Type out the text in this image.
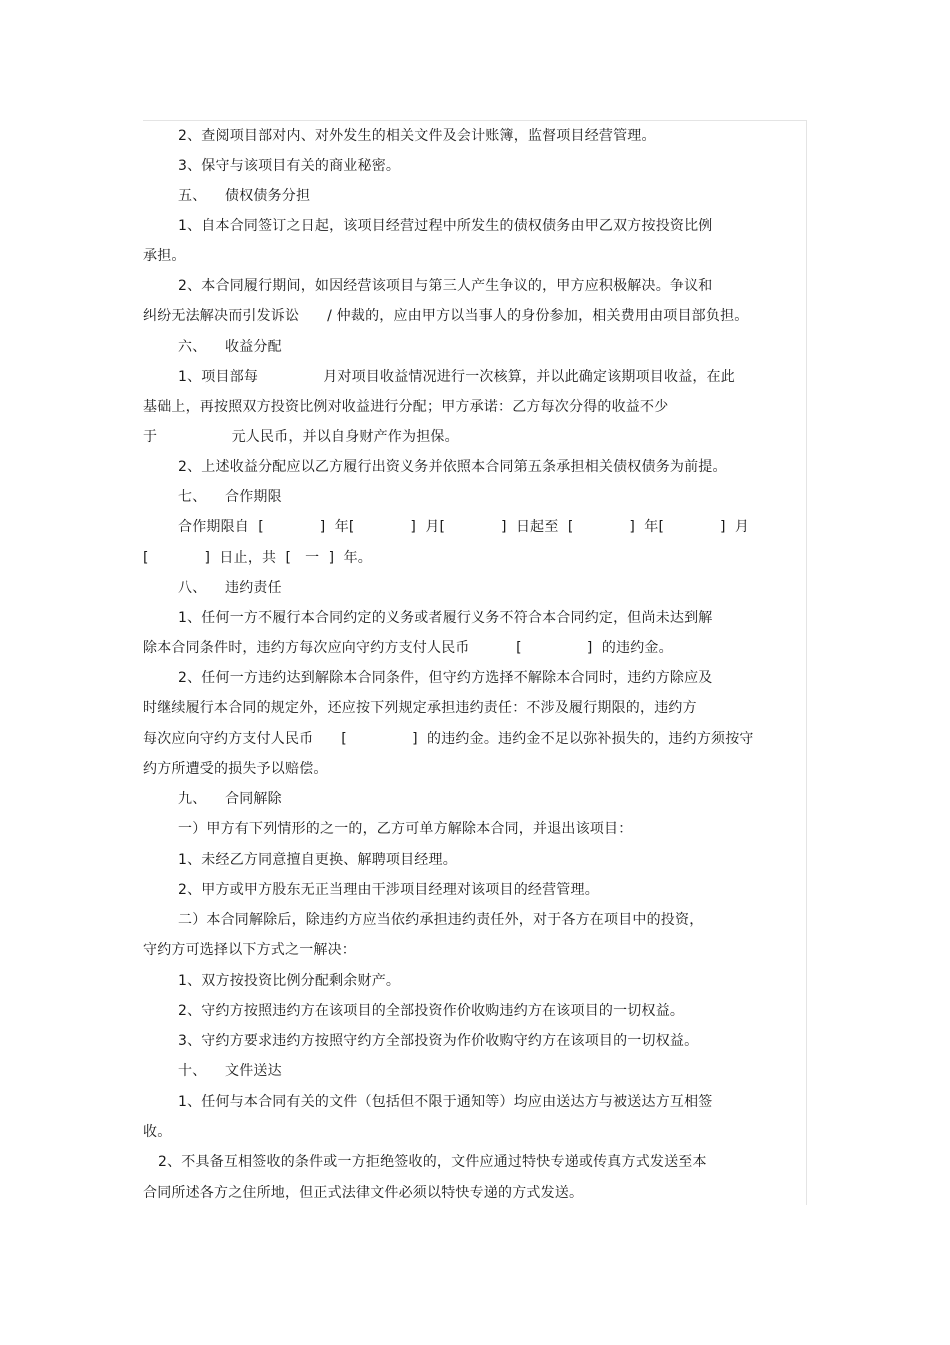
2、查阅项目部对内、对外发生的相关文件及会计账簿，监督项目经营管理。
3、保守与该项目有关的商业秘密。
五、    债权债务分担
1、自本合同签订之日起，该项目经营过程中所发生的债权债务由甲乙双方按投资比例
承担。
2、本合同履行期间，如因经营该项目与第三人产生争议的，甲方应积极解决。争议和
纠纷无法解决而引发诉讼      / 仲裁的，应由甲方以当事人的身份参加，相关费用由项目部负担。
六、    收益分配
1、项目部每              月对项目收益情况进行一次核算，并以此确定该期项目收益，在此
基础上，再按照双方投资比例对收益进行分配；甲方承诺：乙方每次分得的收益不少
于                元人民币，并以自身财产作为担保。
2、上述收益分配应以乙方履行出资义务并依照本合同第五条承担相关债权债务为前提。
七、    合作期限
合作期限自  [            ]  年[            ]  月[            ]  日起至  [            ]  年[            ]  月
[            ]  日止，共  [   一  ]  年。
八、    违约责任
1、任何一方不履行本合同约定的义务或者履行义务不符合本合同约定，但尚未达到解
除本合同条件时，违约方每次应向守约方支付人民币          [              ]  的违约金。
2、任何一方违约达到解除本合同条件，但守约方选择不解除本合同时，违约方除应及
时继续履行本合同的规定外，还应按下列规定承担违约责任：不涉及履行期限的，违约方
每次应向守约方支付人民币      [              ]  的违约金。违约金不足以弥补损失的，违约方须按守
约方所遭受的损失予以赔偿。
九、    合同解除
一）甲方有下列情形的之一的，乙方可单方解除本合同，并退出该项目：
1、未经乙方同意擅自更换、解聘项目经理。
2、甲方或甲方股东无正当理由干涉项目经理对该项目的经营管理。
二）本合同解除后，除违约方应当依约承担违约责任外，对于各方在项目中的投资，
守约方可选择以下方式之一解决：
1、双方按投资比例分配剩余财产。
2、守约方按照违约方在该项目的全部投资作价收购违约方在该项目的一切权益。
3、守约方要求违约方按照守约方全部投资为作价收购守约方在该项目的一切权益。
十、    文件送达
1、任何与本合同有关的文件（包括但不限于通知等）均应由送达方与被送达方互相签
收。
2、不具备互相签收的条件或一方拒绝签收的，文件应通过特快专递或传真方式发送至本
合同所述各方之住所地，但正式法律文件必须以特快专递的方式发送。
